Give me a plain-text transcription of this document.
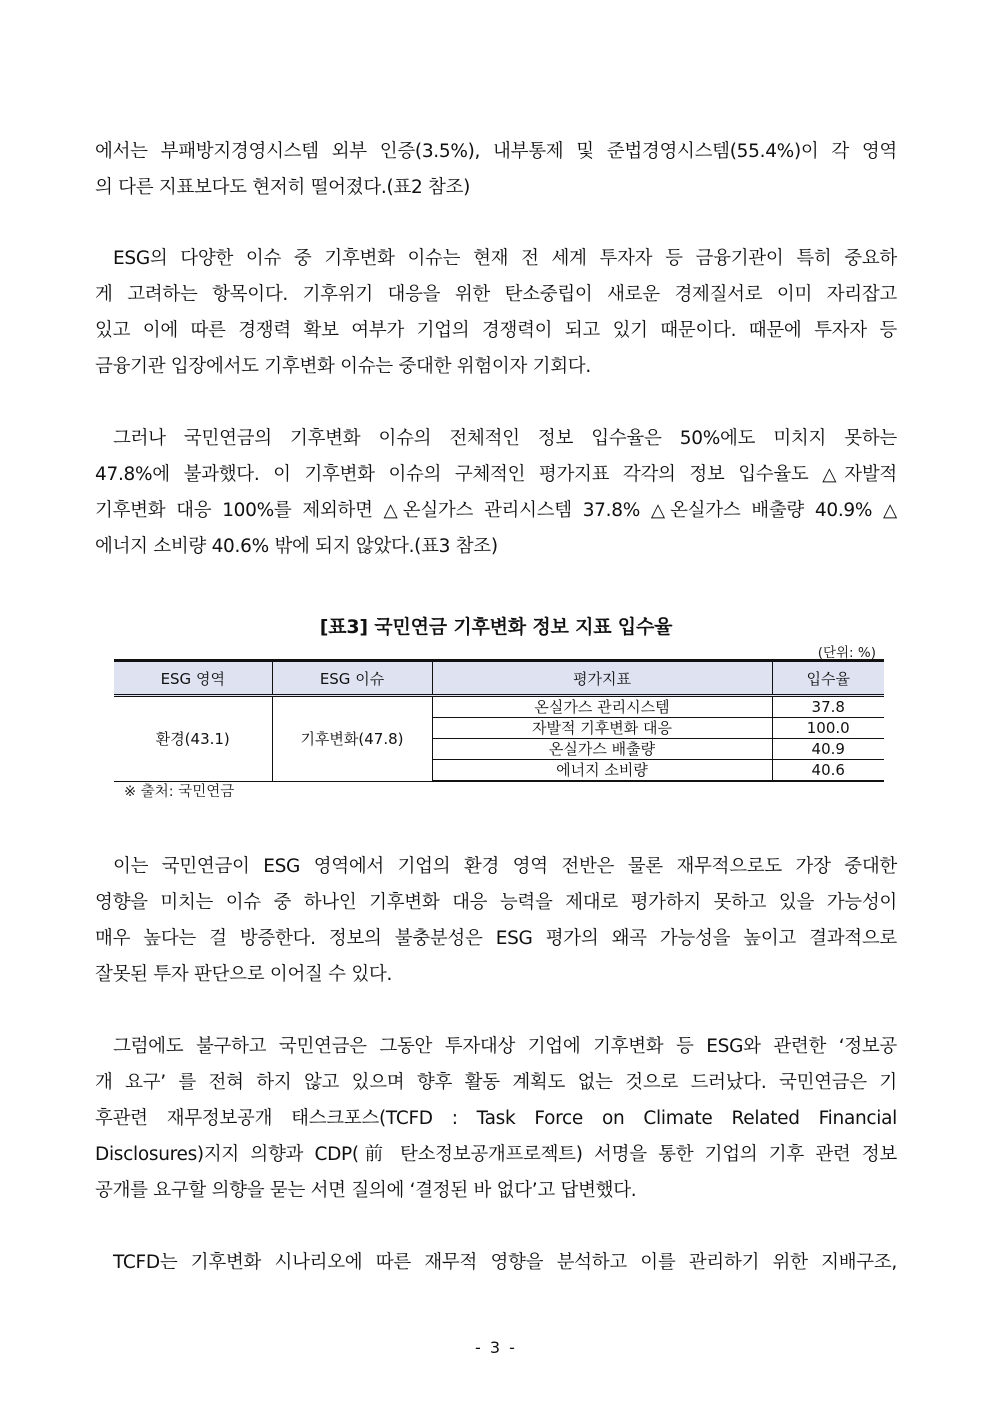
에서는 부패방지경영시스템 외부 인증(3.5%), 내부통제 및 준법경영시스템(55.4%)이 각 영역
의 다른 지표보다도 현저히 떨어졌다.(표2 참조)
ESG의 다양한 이슈 중 기후변화 이슈는 현재 전 세계 투자자 등 금융기관이 특히 중요하
게 고려하는 항목이다. 기후위기 대응을 위한 탄소중립이 새로운 경제질서로 이미 자리잡고
있고 이에 따른 경쟁력 확보 여부가 기업의 경쟁력이 되고 있기 때문이다. 때문에 투자자 등
금융기관 입장에서도 기후변화 이슈는 중대한 위험이자 기회다.
그러나 국민연금의 기후변화 이슈의 전체적인 정보 입수율은 50%에도 미치지 못하는
47.8%에 불과했다. 이 기후변화 이슈의 구체적인 평가지표 각각의 정보 입수율도 △자발적
기후변화 대응 100%를 제외하면 △온실가스 관리시스템 37.8% △온실가스 배출량 40.9% △
에너지 소비량 40.6% 밖에 되지 않았다.(표3 참조)
[표3] 국민연금 기후변화 정보 지표 입수율
(단위: %)
ESG 영역	ESG 이슈	평가지표	입수율
환경(43.1)	기후변화(47.8)	온실가스 관리시스템	37.8
		자발적 기후변화 대응	100.0
		온실가스 배출량	40.9
		에너지 소비량	40.6
※ 출처: 국민연금
이는 국민연금이 ESG 영역에서 기업의 환경 영역 전반은 물론 재무적으로도 가장 중대한
영향을 미치는 이슈 중 하나인 기후변화 대응 능력을 제대로 평가하지 못하고 있을 가능성이
매우 높다는 걸 방증한다. 정보의 불충분성은 ESG 평가의 왜곡 가능성을 높이고 결과적으로
잘못된 투자 판단으로 이어질 수 있다.
그럼에도 불구하고 국민연금은 그동안 투자대상 기업에 기후변화 등 ESG와 관련한 ‘정보공
개 요구’ 를 전혀 하지 않고 있으며 향후 활동 계획도 없는 것으로 드러났다. 국민연금은 기
후관련 재무정보공개 태스크포스(TCFD : Task Force on Climate Related Financial
Disclosures)지지 의향과 CDP(前 탄소정보공개프로젝트) 서명을 통한 기업의 기후 관련 정보
공개를 요구할 의향을 묻는 서면 질의에 ‘결정된 바 없다’고 답변했다.
TCFD는 기후변화 시나리오에 따른 재무적 영향을 분석하고 이를 관리하기 위한 지배구조,
- 3 -
